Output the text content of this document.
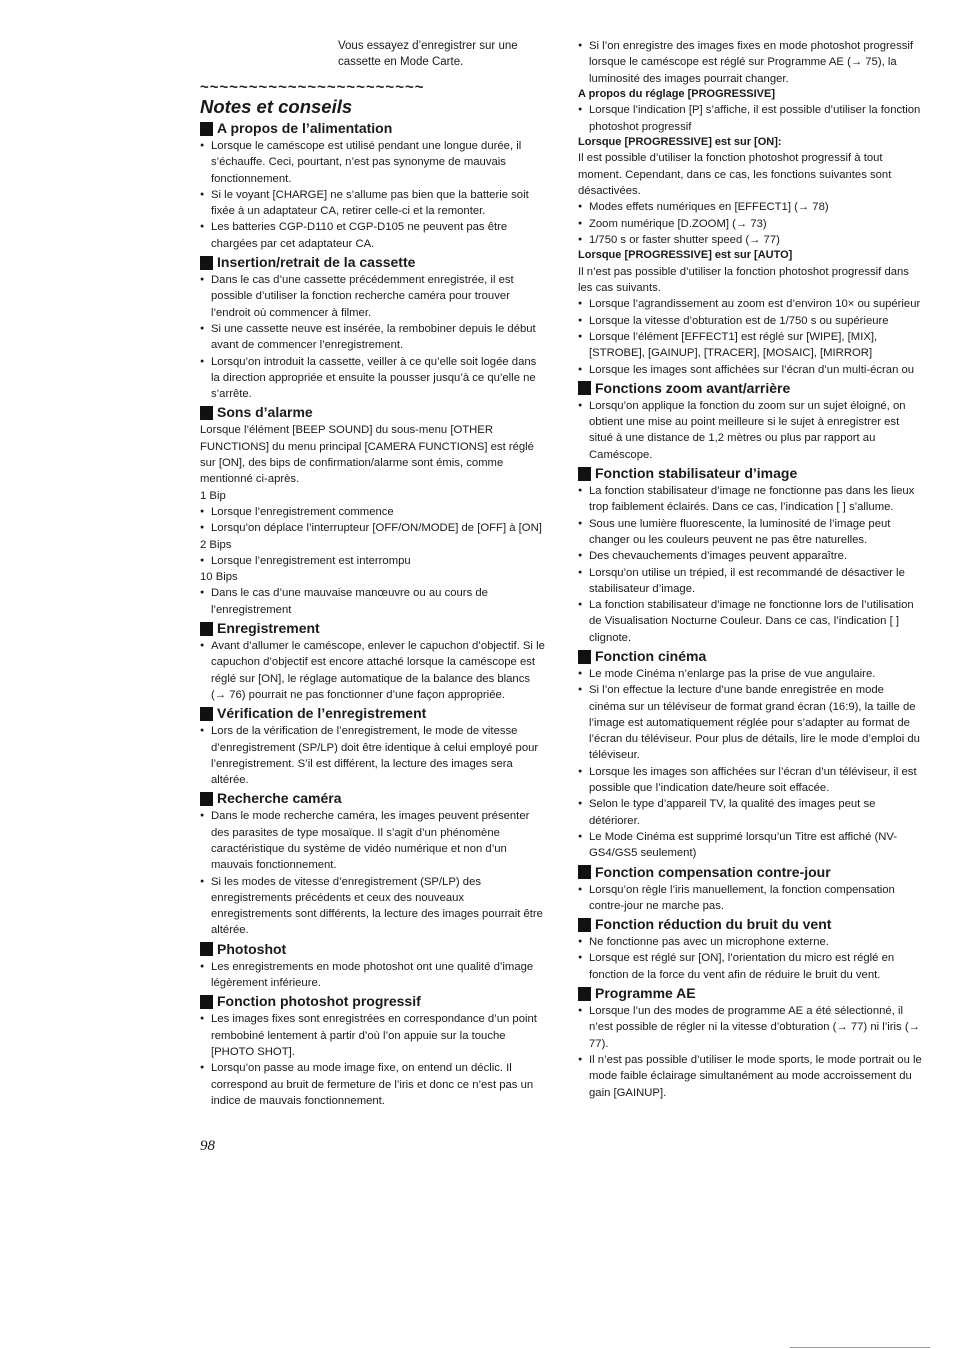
Vous essayez d’enregistrer sur une cassette en Mode Carte.

~~~~~~~~~~~~~~~~~~~~~~~
Notes et conseils
A propos de l’alimentation

● Lorsque le caméscope est utilisé pendant une longue durée, il s’échauffe. Ceci, pourtant, n’est pas synonyme de mauvais fonctionnement.

● Si le voyant [CHARGE] ne s’allume pas bien que la batterie soit fixée à un adaptateur CA, retirer celle-ci et la remonter.

● Les batteries CGP-D110 et CGP-D105 ne peuvent pas être chargées par cet adaptateur CA.

Insertion/retrait de la cassette

● Dans le cas d’une cassette précédemment enregistrée, il est possible d’utiliser la fonction recherche caméra pour trouver l’endroit où commencer à filmer.

● Si une cassette neuve est insérée, la rembobiner depuis le début avant de commencer l’enregistrement.

● Lorsqu’on introduit la cassette, veiller à ce qu’elle soit logée dans la direction appropriée et ensuite la pousser jusqu’à ce qu’elle ne s’arrête.

Sons d’alarme

Lorsque l’élément [BEEP SOUND] du sous-menu [OTHER FUNCTIONS] du menu principal [CAMERA FUNCTIONS] est réglé sur [ON], des bips de confirmation/alarme sont émis, comme mentionné ci-après.

1 Bip

● Lorsque l’enregistrement commence

● Lorsqu’on déplace l’interrupteur [OFF/ON/MODE] de [OFF] à [ON]

2 Bips

● Lorsque l’enregistrement est interrompu

10 Bips

● Dans le cas d’une mauvaise manœuvre ou au cours de l’enregistrement

Enregistrement

● Avant d’allumer le caméscope, enlever le capuchon d’objectif. Si le capuchon d’objectif est encore attaché lorsque la caméscope est réglé sur [ON], le réglage automatique de la balance des blancs (→ 76) pourrait ne pas fonctionner d’une façon appropriée.

Vérification de l’enregistrement

● Lors de la vérification de l’enregistrement, le mode de vitesse d’enregistrement (SP/LP) doit être identique à celui employé pour l’enregistrement. S’il est différent, la lecture des images sera altérée.

Recherche caméra

● Dans le mode recherche caméra, les images peuvent présenter des parasites de type mosaïque. Il s’agit d’un phénomène caractéristique du système de vidéo numérique et non d’un mauvais fonctionnement.

● Si les modes de vitesse d’enregistrement (SP/LP) des enregistrements précédents et ceux des nouveaux enregistrements sont différents, la lecture des images pourrait être altérée.

Photoshot

● Les enregistrements en mode photoshot ont une qualité d’image légèrement inférieure.

Fonction photoshot progressif

● Les images fixes sont enregistrées en correspondance d’un point rembobiné lentement à partir d’où l’on appuie sur la touche [PHOTO SHOT].

● Lorsqu’on passe au mode image fixe, on entend un déclic. Il correspond au bruit de fermeture de l’iris et donc ce n’est pas un indice de mauvais fonctionnement.

● Si l’on enregistre des images fixes en mode photoshot progressif lorsque le caméscope est réglé sur Programme AE (→ 75), la luminosité des images pourrait changer.

A propos du réglage [PROGRESSIVE]

● Lorsque l’indication [P] s’affiche, il est possible d’utiliser la fonction photoshot progressif

Lorsque [PROGRESSIVE] est sur [ON]:

Il est possible d’utiliser la fonction photoshot progressif à tout moment. Cependant, dans ce cas, les fonctions suivantes sont désactivées.

● Modes effets numériques en [EFFECT1] (→ 78)

● Zoom numérique [D.ZOOM] (→ 73)

● 1/750 s or faster shutter speed (→ 77)

Lorsque [PROGRESSIVE] est sur [AUTO]

Il n’est pas possible d’utiliser la fonction photoshot progressif dans les cas suivants.

● Lorsque l’agrandissement au zoom est d’environ 10× ou supérieur

● Lorsque la vitesse d’obturation est de 1/750 s ou supérieure

● Lorsque l’élément [EFFECT1] est réglé sur [WIPE], [MIX], [STROBE], [GAINUP], [TRACER], [MOSAIC], [MIRROR]

● Lorsque les images sont affichées sur l’écran d’un multi-écran ou

Fonctions zoom avant/arrière

● Lorsqu’on applique la fonction du zoom sur un sujet éloigné, on obtient une mise au point meilleure si le sujet à enregistrer est situé à une distance de 1,2 mètres ou plus par rapport au Caméscope.

Fonction stabilisateur d’image

● La fonction stabilisateur d’image ne fonctionne pas dans les lieux trop faiblement éclairés. Dans ce cas, l’indication [ ] s’allume.

● Sous une lumière fluorescente, la luminosité de l’image peut changer ou les couleurs peuvent ne pas être naturelles.

● Des chevauchements d’images peuvent apparaître.

● Lorsqu’on utilise un trépied, il est recommandé de désactiver le stabilisateur d’image.

● La fonction stabilisateur d’image ne fonctionne lors de l’utilisation de Visualisation Nocturne Couleur. Dans ce cas, l’indication [ ] clignote.

Fonction cinéma

● Le mode Cinéma n’enlarge pas la prise de vue angulaire.

● Si l’on effectue la lecture d’une bande enregistrée en mode cinéma sur un téléviseur de format grand écran (16:9), la taille de l’image est automatiquement réglée pour s’adapter au format de l’écran du téléviseur. Pour plus de détails, lire le mode d’emploi du téléviseur.

● Lorsque les images son affichées sur l’écran d’un téléviseur, il est possible que l’indication date/heure soit effacée.

● Selon le type d’appareil TV, la qualité des images peut se détériorer.

● Le Mode Cinéma est supprimé lorsqu’un Titre est affiché (NV-GS4/GS5 seulement)

Fonction compensation contre-jour

● Lorsqu’on règle l’iris manuellement, la fonction compensation contre-jour ne marche pas.

Fonction réduction du bruit du vent

● Ne fonctionne pas avec un microphone externe.

● Lorsque est réglé sur [ON], l’orientation du micro est réglé en fonction de la force du vent afin de réduire le bruit du vent.

Programme AE

● Lorsque l’un des modes de programme AE a été sélectionné, il n’est possible de régler ni la vitesse d’obturation (→ 77) ni l’iris (→ 77).

● Il n’est pas possible d’utiliser le mode sports, le mode portrait ou le mode faible éclairage simultanément au mode accroissement du gain [GAINUP].

98
